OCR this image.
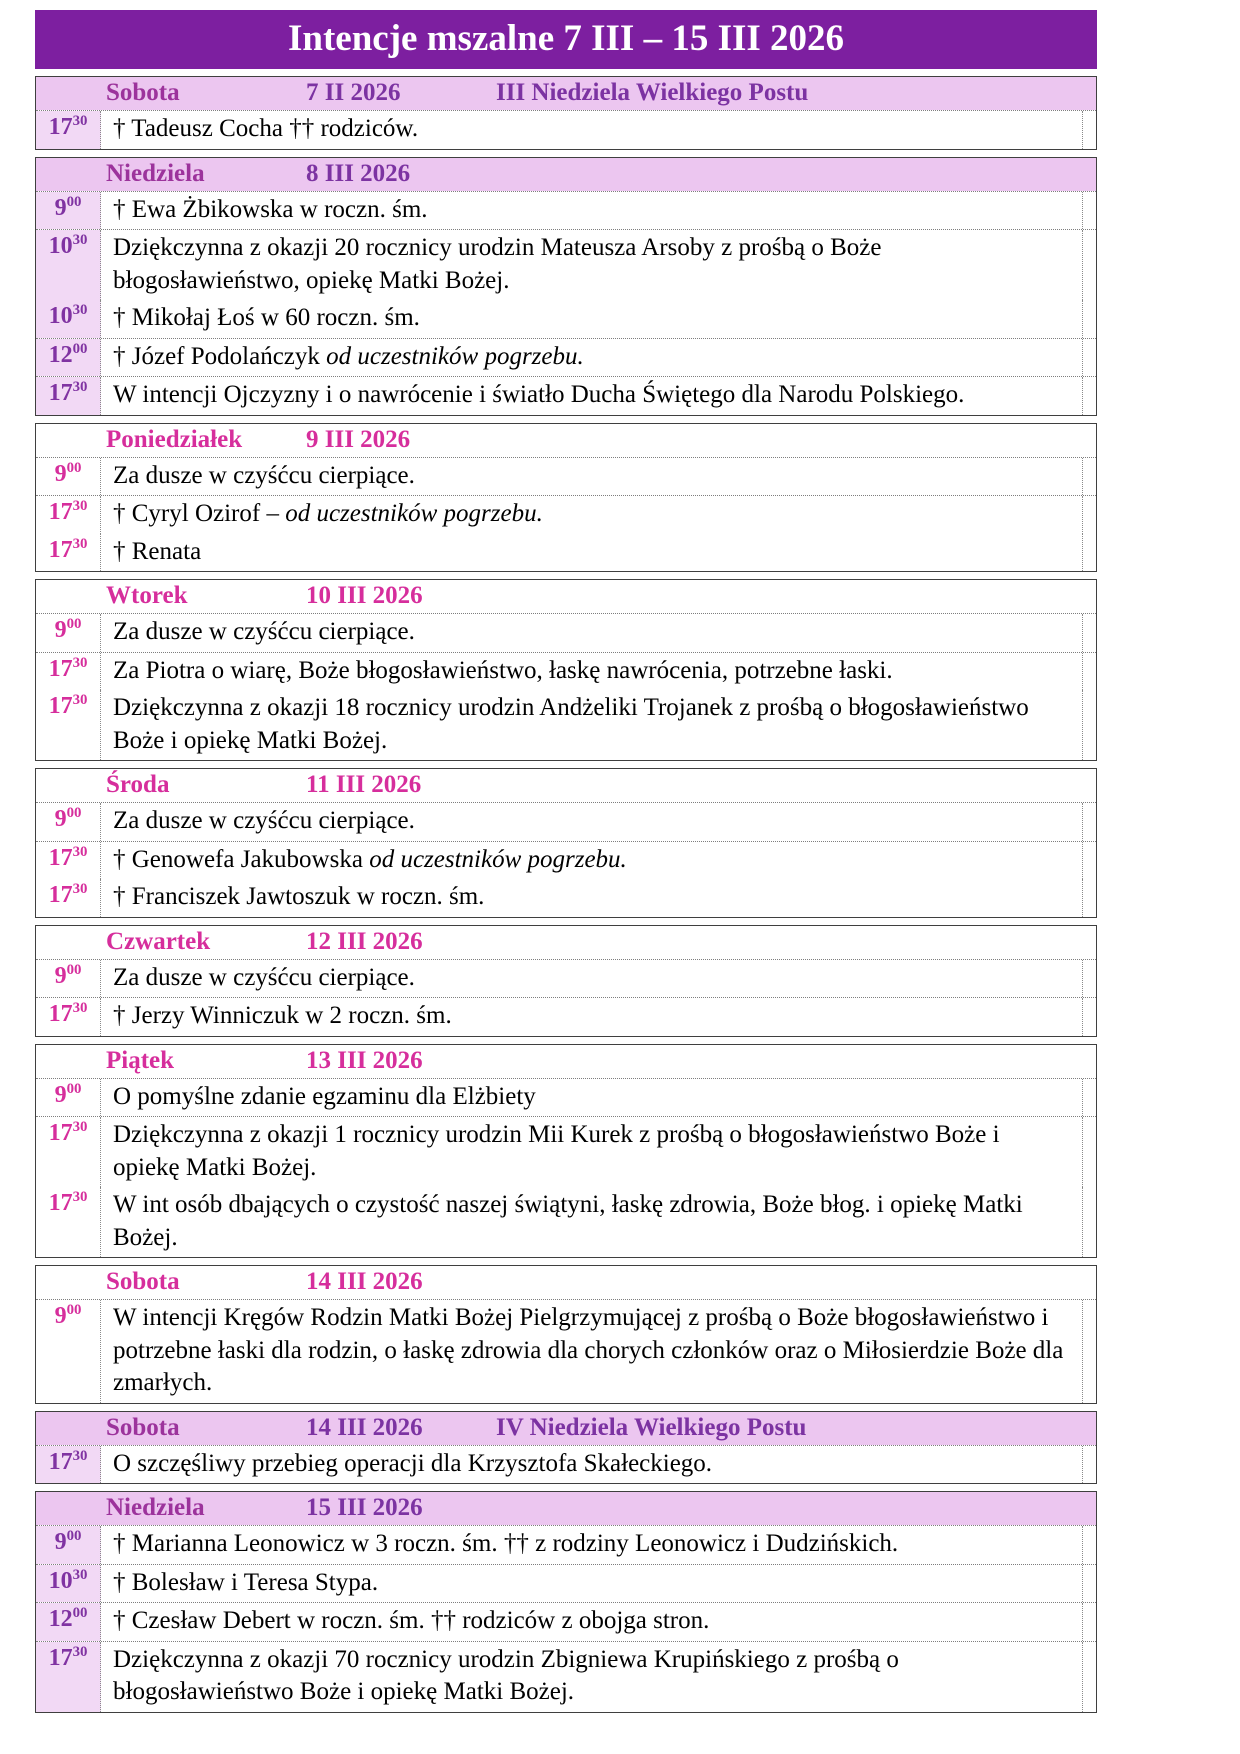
Intencje mszalne 7 III – 15 III 2026
Sobota	7 II 2026	III Niedziela Wielkiego Postu
$17^{30}$	† Tadeusz Cocha †† rodziców.
Niedziela	8 III 2026
$9^{00}$	† Ewa Żbikowska w roczn. śm.
$10^{30}$	Dziękczynna z okazji 20 rocznicy urodzin Mateusza Arsoby z prośbą o Boże błogosławieństwo, opiekę Matki Bożej.
$10^{30}$	† Mikołaj Łoś w 60 roczn. śm.
$12^{00}$	† Józef Podolańczyk od uczestników pogrzebu.
$17^{30}$	W intencji Ojczyzny i o nawrócenie i światło Ducha Świętego dla Narodu Polskiego.
Poniedziałek	9 III 2026
$9^{00}$	Za dusze w czyśćcu cierpiące.
$17^{30}$	† Cyryl Ozirof – od uczestników pogrzebu.
$17^{30}$	† Renata
Wtorek	10 III 2026
$9^{00}$	Za dusze w czyśćcu cierpiące.
$17^{30}$	Za Piotra o wiarę, Boże błogosławieństwo, łaskę nawrócenia, potrzebne łaski.
$17^{30}$	Dziękczynna z okazji 18 rocznicy urodzin Andżeliki Trojanek z prośbą o błogosławieństwo Boże i opiekę Matki Bożej.
Środa	11 III 2026
$9^{00}$	Za dusze w czyśćcu cierpiące.
$17^{30}$	† Genowefa Jakubowska od uczestników pogrzebu.
$17^{30}$	† Franciszek Jawtoszuk w roczn. śm.
Czwartek	12 III 2026
$9^{00}$	Za dusze w czyśćcu cierpiące.
$17^{30}$	† Jerzy Winniczuk w 2 roczn. śm.
Piątek	13 III 2026
$9^{00}$	O pomyślne zdanie egzaminu dla Elżbiety
$17^{30}$	Dziękczynna z okazji 1 rocznicy urodzin Mii Kurek z prośbą o błogosławieństwo Boże i opiekę Matki Bożej.
$17^{30}$	W int osób dbających o czystość naszej świątyni, łaskę zdrowia, Boże błog. i opiekę Matki Bożej.
Sobota	14 III 2026
$9^{00}$	W intencji Kręgów Rodzin Matki Bożej Pielgrzymującej z prośbą o Boże błogosławieństwo i potrzebne łaski dla rodzin, o łaskę zdrowia dla chorych członków oraz o Miłosierdzie Boże dla zmarłych.
Sobota	14 III 2026	IV Niedziela Wielkiego Postu
$17^{30}$	O szczęśliwy przebieg operacji dla Krzysztofa Skałeckiego.
Niedziela	15 III 2026
$9^{00}$	† Marianna Leonowicz w 3 roczn. śm. †† z rodziny Leonowicz i Dudzińskich.
$10^{30}$	† Bolesław i Teresa Stypa.
$12^{00}$	† Czesław Debert w roczn. śm. †† rodziców z obojga stron.
$17^{30}$	Dziękczynna z okazji 70 rocznicy urodzin Zbigniewa Krupińskiego z prośbą o błogosławieństwo Boże i opiekę Matki Bożej.
